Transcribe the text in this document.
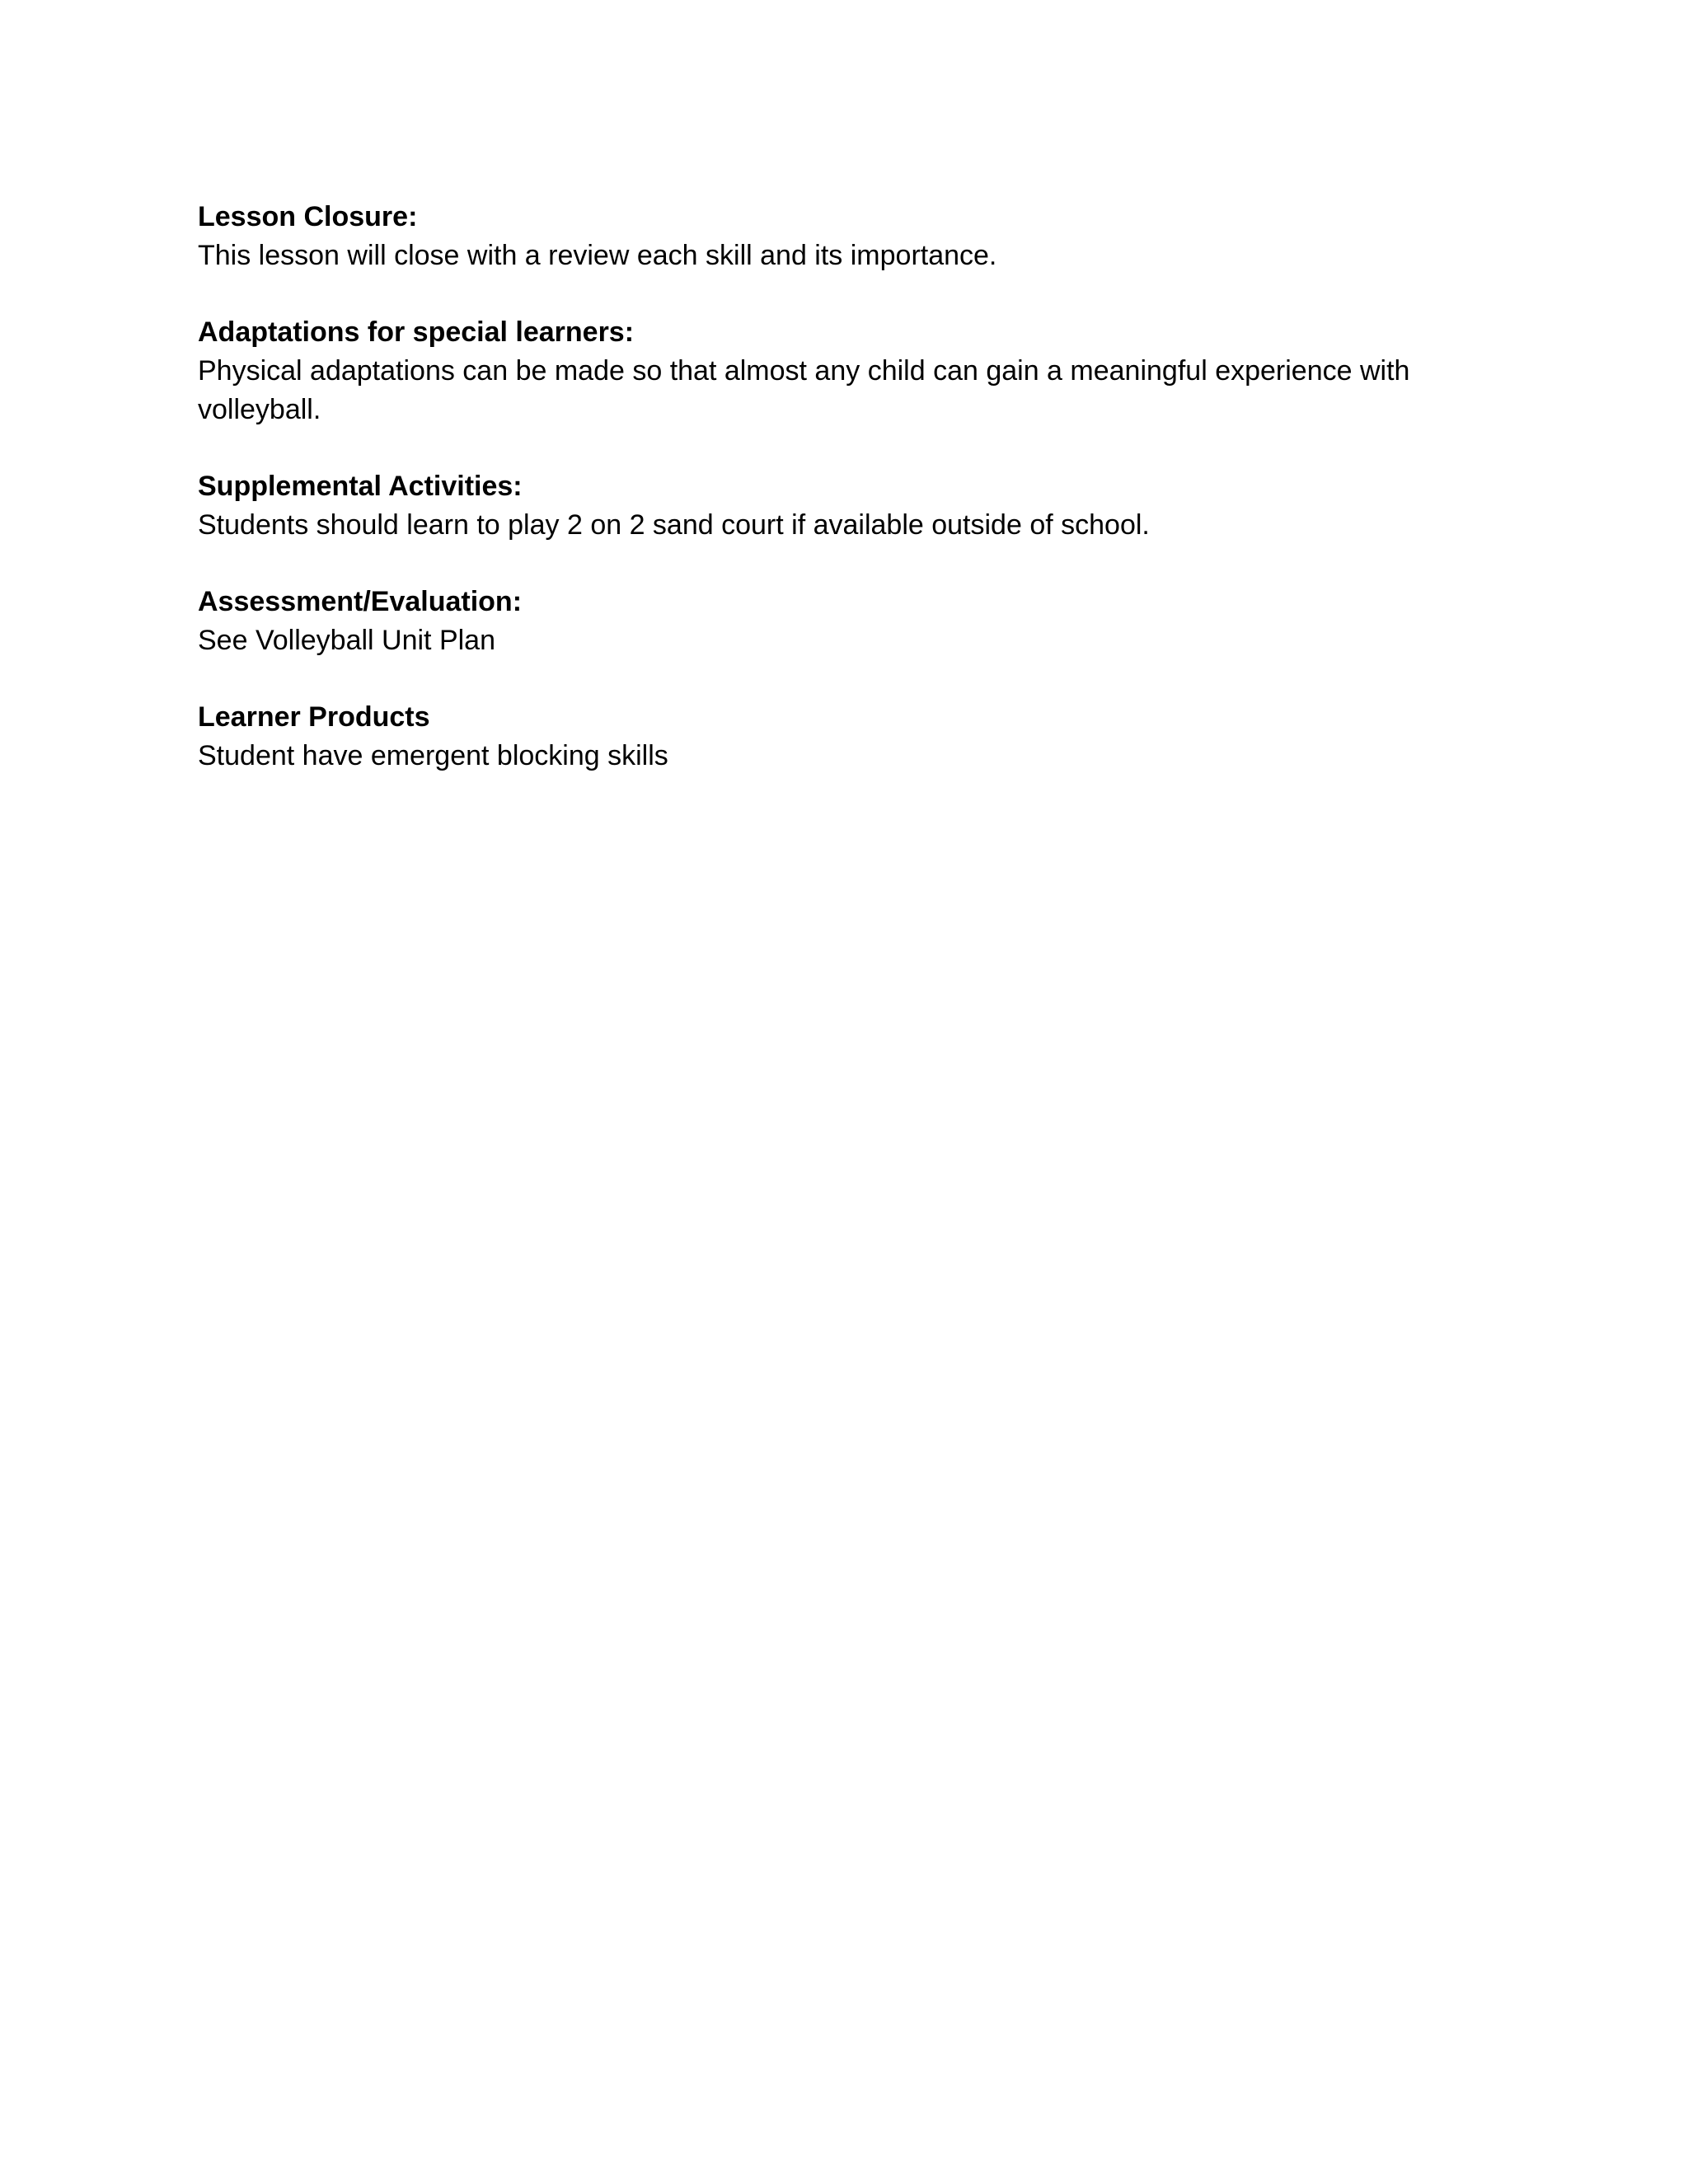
Lesson Closure:

This lesson will close with a review each skill and its importance.

Adaptations for special learners:

Physical adaptations can be made so that almost any child can gain a meaningful experience with volleyball.

Supplemental Activities:

Students should learn to play 2 on 2 sand court if available outside of school.

Assessment/Evaluation:

See Volleyball Unit Plan

Learner Products

Student have emergent blocking skills
